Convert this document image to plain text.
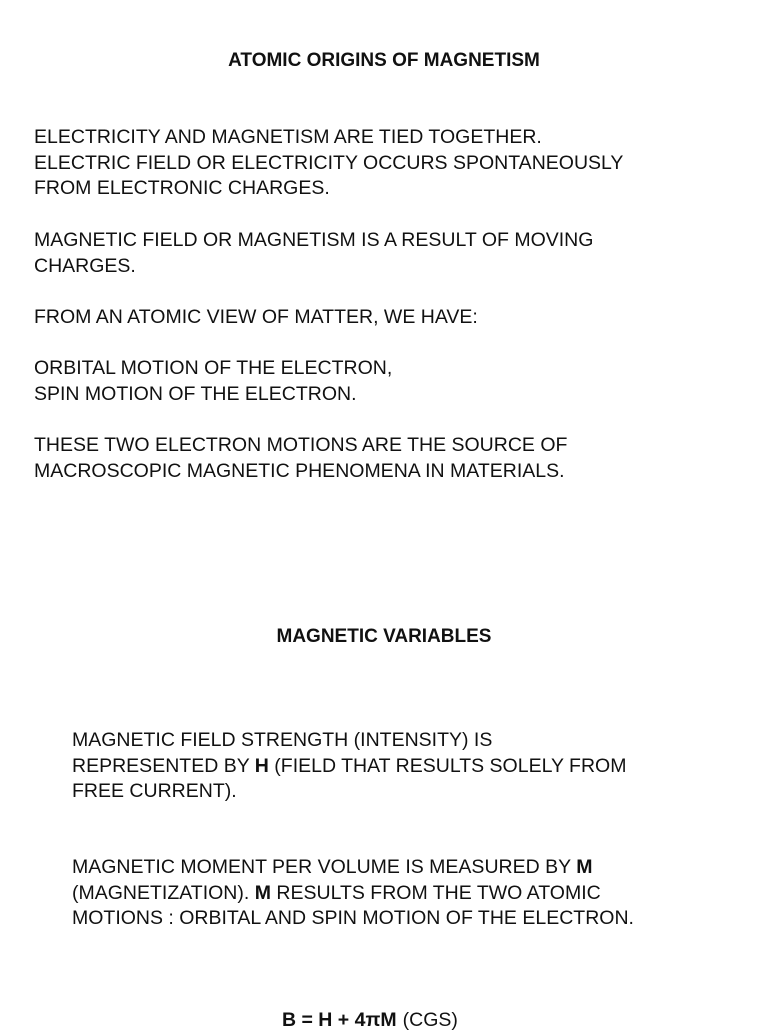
ATOMIC ORIGINS OF MAGNETISM

ELECTRICITY AND MAGNETISM ARE TIED TOGETHER.
ELECTRIC FIELD OR ELECTRICITY OCCURS SPONTANEOUSLY
FROM ELECTRONIC CHARGES.

MAGNETIC FIELD OR MAGNETISM IS A RESULT OF MOVING
CHARGES.

FROM AN ATOMIC VIEW OF MATTER, WE HAVE:

ORBITAL MOTION OF THE ELECTRON,
SPIN MOTION OF THE ELECTRON.

THESE TWO ELECTRON MOTIONS ARE THE SOURCE OF
MACROSCOPIC MAGNETIC PHENOMENA IN MATERIALS.

MAGNETIC VARIABLES

MAGNETIC FIELD STRENGTH (INTENSITY) IS
REPRESENTED BY H (FIELD THAT RESULTS SOLELY FROM
FREE CURRENT).

MAGNETIC MOMENT PER VOLUME IS MEASURED BY M
(MAGNETIZATION). M RESULTS FROM THE TWO ATOMIC
MOTIONS : ORBITAL AND SPIN MOTION OF THE ELECTRON.

B = H + 4πM (CGS)
